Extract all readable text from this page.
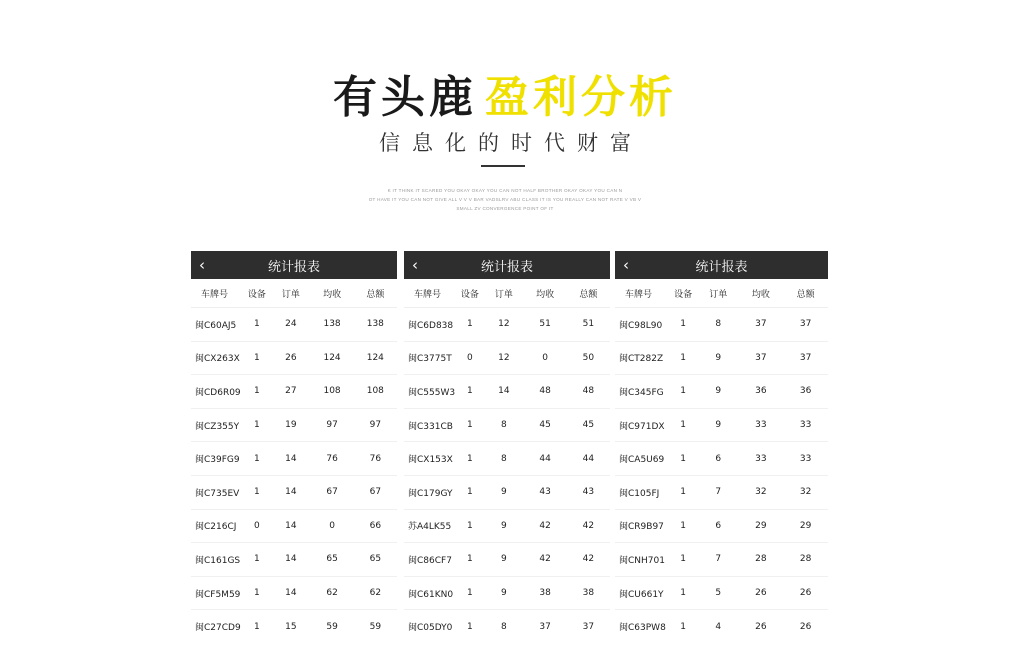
有头鹿 盈利分析
信息化的时代财富
K IT THINK IT SCARED YOU OKAY OKAY YOU CAN NOT HALF BROTHER OKAY OKAY YOU CAN N
OT HAVE IT YOU CAN NOT GIVE ALL V V V BAR VADSLRV ABU CLASS IT IS YOU REALLY CAN NOT RATE V VB V
SMALL ZV CONVERGENCE POINT OF IT
‹	统计报表
车牌号	设备	订单	均收	总额
闽C60AJ5	1	24	138	138
闽CX263X	1	26	124	124
闽CD6R09	1	27	108	108
闽CZ355Y	1	19	97	97
闽C39FG9	1	14	76	76
闽C735EV	1	14	67	67
闽C216CJ	0	14	0	66
闽C161GS	1	14	65	65
闽CF5M59	1	14	62	62
闽C27CD9	1	15	59	59
‹	统计报表
车牌号	设备	订单	均收	总额
闽C6D838	1	12	51	51
闽C3775T	0	12	0	50
闽C555W3	1	14	48	48
闽C331CB	1	8	45	45
闽CX153X	1	8	44	44
闽C179GY	1	9	43	43
苏A4LK55	1	9	42	42
闽C86CF7	1	9	42	42
闽C61KN0	1	9	38	38
闽C05DY0	1	8	37	37
‹	统计报表
车牌号	设备	订单	均收	总额
闽C98L90	1	8	37	37
闽CT282Z	1	9	37	37
闽C345FG	1	9	36	36
闽C971DX	1	9	33	33
闽CA5U69	1	6	33	33
闽C105FJ	1	7	32	32
闽CR9B97	1	6	29	29
闽CNH701	1	7	28	28
闽CU661Y	1	5	26	26
闽C63PW8	1	4	26	26
